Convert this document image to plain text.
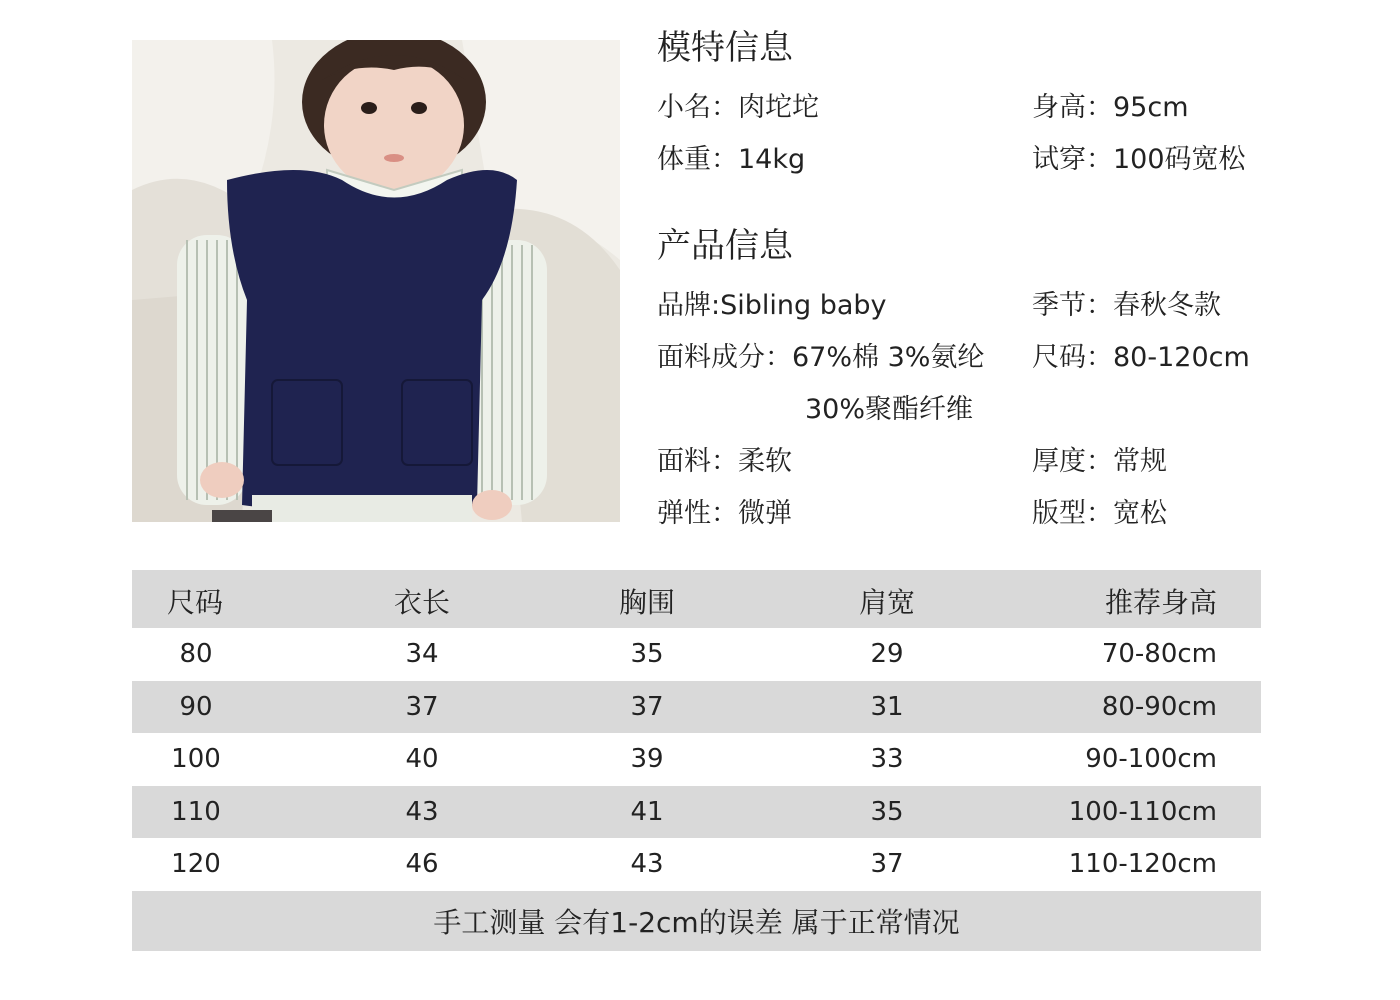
模特信息
小名：肉坨坨	身高：95cm
体重：14kg	试穿：100码宽松
产品信息
品牌:Sibling baby	季节：春秋冬款
面料成分：67%棉 3%氨纶 尺码：80-120cm
30%聚酯纤维
面料：柔软	厚度：常规
弹性：微弹	版型：宽松
尺码	衣长	胸围	肩宽	推荐身高
80	34	35	29	70-80cm
90	37	37	31	80-90cm
100	40	39	33	90-100cm
110	43	41	35	100-110cm
120	46	43	37	110-120cm
手工测量 会有1-2cm的误差 属于正常情况
